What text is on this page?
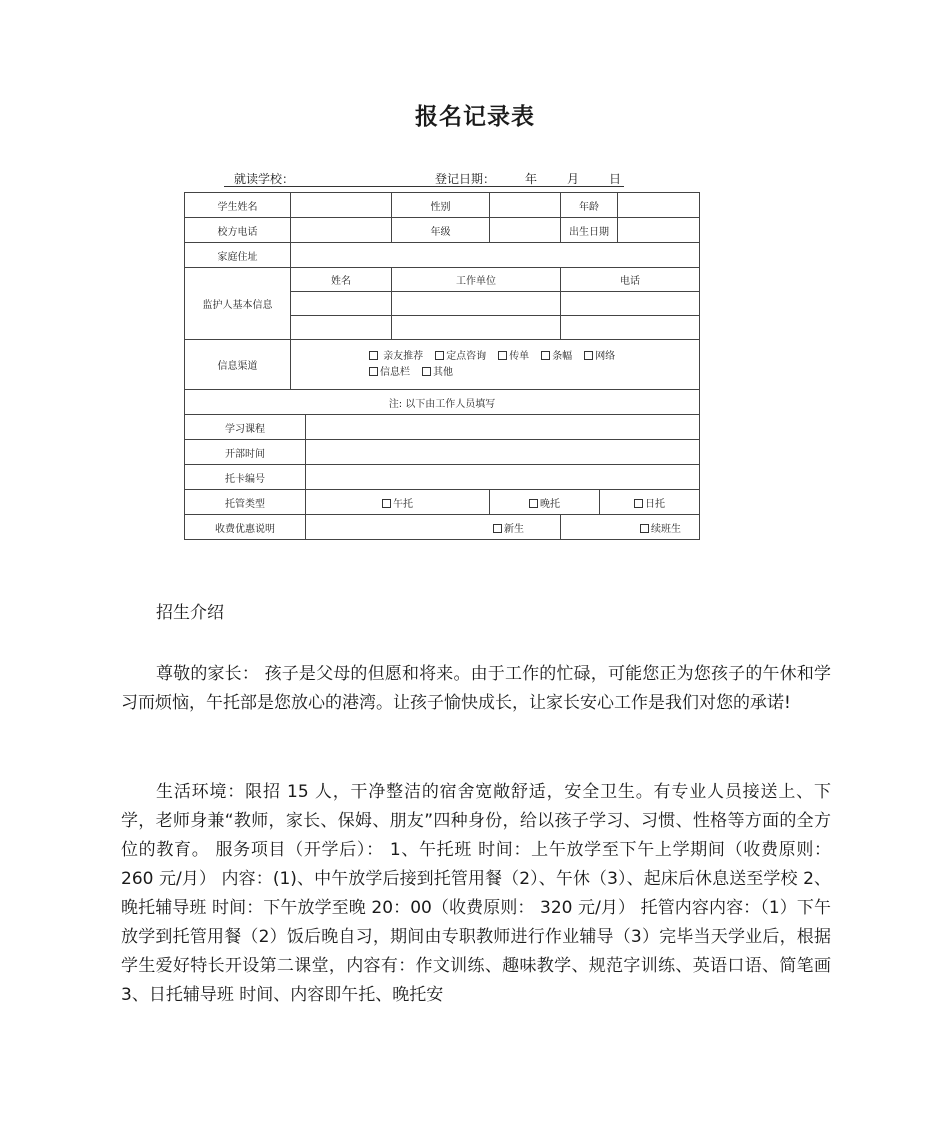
报名记录表
就读学校：	登记日期： 年 月 日
学生姓名			性别		年龄		
校方电话			年级		出生日期		
家庭住址							
监护人基本信息	姓名		工作单位		电话		

信息渠道	亲友推荐 定点咨询 传单 条幅 网络
信息栏 其他						
注: 以下由工作人员填写							
学习课程							
开部时间							
托卡编号							
托管类型		午托		晚托		日托	
收费优惠说明		新生			续班生		

招生介绍

尊敬的家长： 孩子是父母的但愿和将来。由于工作的忙碌，可能您正为您孩子的午休和学习而烦恼，午托部是您放心的港湾。让孩子愉快成长，让家长安心工作是我们对您的承诺!

生活环境：限招 15 人，干净整洁的宿舍宽敞舒适，安全卫生。有专业人员接送上、下学，老师身兼“教师，家长、保姆、朋友”四种身份，给以孩子学习、习惯、性格等方面的全方位的教育。 服务项目（开学后）： 1、午托班 时间：上午放学至下午上学期间（收费原则： 260 元/月） 内容：(1)、中午放学后接到托管用餐（2）、午休（3）、起床后休息送至学校 2、晚托辅导班 时间：下午放学至晚 20：00（收费原则： 320 元/月） 托管内容内容：（1）下午放学到托管用餐（2）饭后晚自习，期间由专职教师进行作业辅导（3）完毕当天学业后，根据学生爱好特长开设第二课堂，内容有：作文训练、趣味教学、规范字训练、英语口语、简笔画 3、日托辅导班 时间、内容即午托、晚托安
